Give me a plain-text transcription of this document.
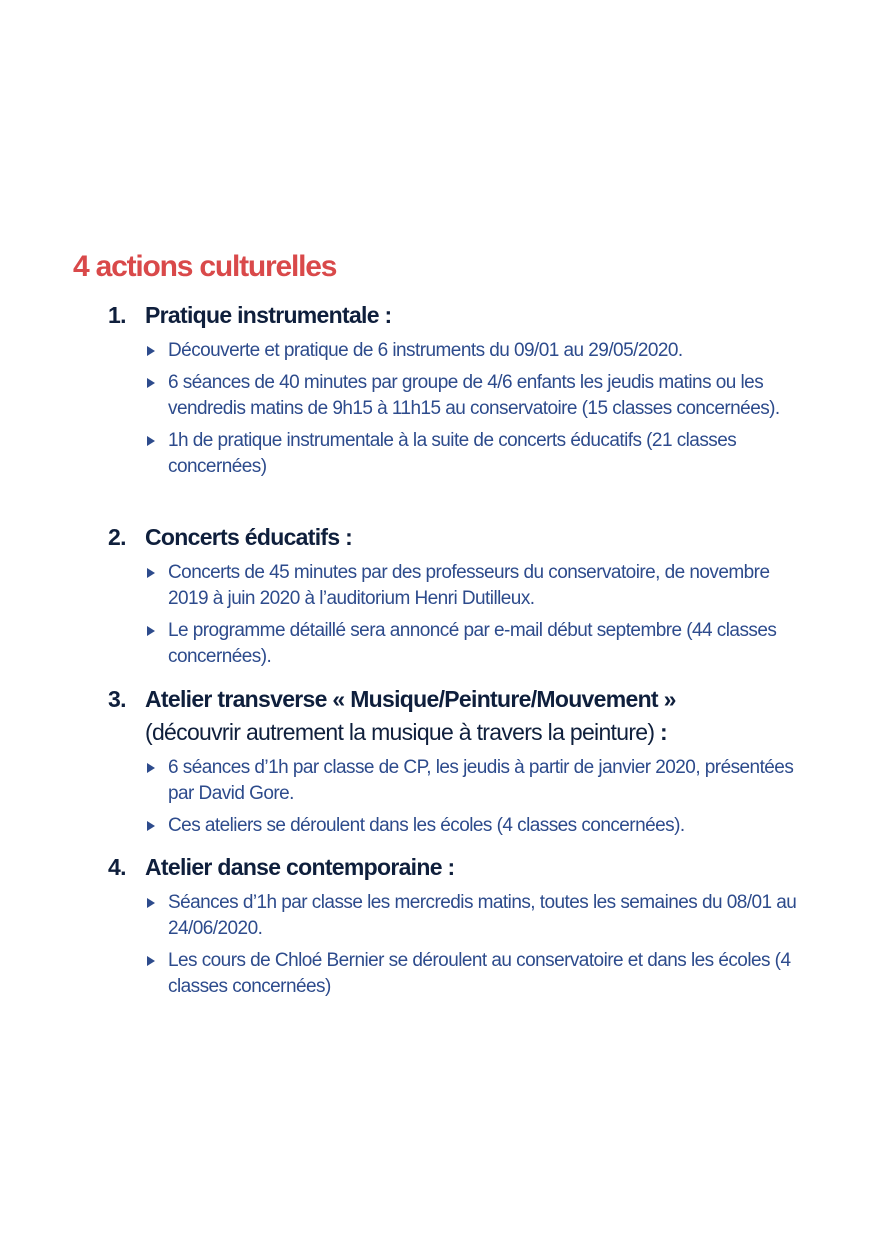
4 actions culturelles
1. Pratique instrumentale :
Découverte et pratique de 6 instruments du 09/01 au 29/05/2020.
6 séances de 40 minutes par groupe de 4/6 enfants les jeudis matins ou les vendredis matins de 9h15 à 11h15 au conservatoire (15 classes concernées).
1h de pratique instrumentale à la suite de concerts éducatifs (21 classes concernées)
2. Concerts éducatifs :
Concerts de 45 minutes par des professeurs du conservatoire, de novembre 2019 à juin 2020 à l’auditorium Henri Dutilleux.
Le programme détaillé sera annoncé par e-mail début septembre (44 classes concernées).
3. Atelier transverse « Musique/Peinture/Mouvement »
(découvrir autrement la musique à travers la peinture) :
6 séances d’1h par classe de CP, les jeudis à partir de janvier 2020, présentées par David Gore.
Ces ateliers se déroulent dans les écoles (4 classes concernées).
4. Atelier danse contemporaine :
Séances d’1h par classe les mercredis matins, toutes les semaines du 08/01 au 24/06/2020.
Les cours de Chloé Bernier se déroulent au conservatoire et dans les écoles (4 classes concernées)
